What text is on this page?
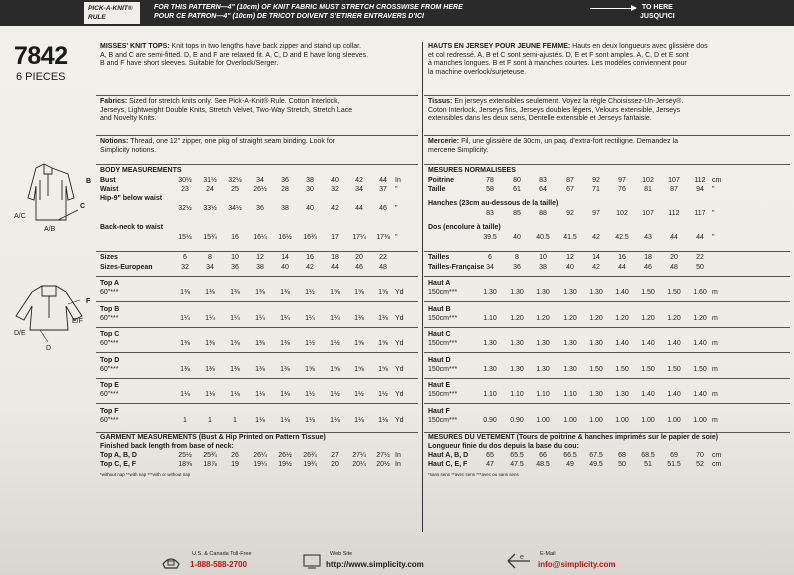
PICK-A-KNIT® RULE
FOR THIS PATTERN—4" (10cm) OF KNIT FABRIC MUST STRETCH CROSSWISE FROM HERE
POUR CE PATRON—4" (10cm) DE TRICOT DOIVENT S'ETIRER ENTRAVERS D'ICI
TO HERE
JUSQU'ICI
7842
6 PIECES
B
C
A/C
A/B
F
E/F
D/E
D
MISSES' KNIT TOPS: Knit tops in two lengths have back zipper and stand up collar.
A, B and C are semi-fitted. D, E and F are relaxed fit. A, C, D and E have long sleeves.
B and F have short sleeves. Suitable for Overlock/Serger.
Fabrics: Sized for stretch knits only. See Pick-A-Knit® Rule. Cotton Interlock,
Jerseys, Lightweight Double Knits, Stretch Velvet, Two-Way Stretch, Stretch Lace
and Novelty Knits.
Notions: Thread, one 12" zipper, one pkg of straight seam binding. Look for
Simplicity notions.
BODY MEASUREMENTS
HAUTS EN JERSEY POUR JEUNE FEMME: Hauts en deux longueurs avec glissière dos
et col redressé. A, B et C sont semi-ajustés. D, E et F sont amples. A, C, D et E sont
à manches longues. B et F sont à manches courtes. Les modèles conviennent pour
la machine overlock/surjeteuse.
Tissus: En jerseys extensibles seulement. Voyez la règle Choisissez-Un-Jersey®.
Coton Interlock, Jerseys fins, Jerseys doubles légers, Velours extensible, Jerseys
extensibles dans les deux sens, Dentelle extensible et Jerseys fantaisie.
Mercerie: Fil, une glissière de 30cm, un paq. d'extra-fort rectiligne. Demandez la
mercerie Simplicity.
MESURES NORMALISEES
GARMENT MEASUREMENTS (Bust & Hip Printed on Pattern Tissue)
Finished back length from base of neck:
*without nap **with nap ***with or without nap
MESURES DU VETEMENT (Tours de poitrine & hanches imprimés sur le papier de soie)
Longueur finie du dos depuis la base du cou:
*sans sens **avec sens ***avec ou sans sens
Bust	30½	31½	32½	34	36	38	40	42	44	In
Waist	23	24	25	26½	28	30	32	34	37	"
Hip-9" below waist
32½	33½	34½	36	38	40	42	44	46	"
Back-neck to waist
15½	15¾	16	16¼	16½	16¾	17	17¼	17⅜ "
Sizes	6	8	10	12	14	16	18	20	22
Sizes-European	32	34	36	38	40	42	44	46	48
Top A
60"***	1⅜	1⅜	1⅜	1⅜	1⅜	1½	1⅝	1⅝	1⅝	Yd
Top B
60"***	1¼	1¼	1¼	1¼	1¼	1¼	1¼	1⅜	1⅜	Yd
Top C
60"***	1⅜	1⅜	1⅜	1⅜	1⅜	1½	1½	1⅝	1⅝	Yd
Top D
60"***	1⅜	1⅜	1⅜	1⅜	1⅜	1⅝	1⅝	1⅝	1⅝	Yd
Top E
60"***	1⅛	1⅛	1⅛	1⅛	1⅛	1½	1½	1½	1½	Yd
Top F
60"***	1	1	1	1⅛	1⅛	1⅛	1⅛	1⅛	1⅛	Yd
Top A, B, D	25½	25¾	26	26¼	26½	26¾	27	27¼	27½ In
Top C, E, F	18⅝	18⅞	19	19¼	19½	19¾	20	20¼	20½ In
Poitrine	78	80	83	87	92	97	102	107	112 cm
Taille	58	61	64	67	71	76	81	87	94	"
Hanches (23cm au-dessous de la taille)
83	85	88	92	97	102	107	112	117 "
Dos (encolure à taille)
39.5	40	40.5	41.5	42	42.5	43	44	44	"
Tailles	6	8	10	12	14	16	18	20	22
Tailles-Française 34	36	38	40	42	44	46	48	50
Haut A
150cm***	1.30	1.30	1.30	1.30	1.30	1.40	1.50	1.50	1.60 m
Haut B
150cm***	1.10	1.20	1.20	1.20	1.20	1.20	1.20	1.20	1.20 m
Haut C
150cm***	1.30	1.30	1.30	1.30	1.30	1.40	1.40	1.40	1.40 m
Haut D
150cm***	1.30	1.30	1.30	1.30	1.50	1.50	1.50	1.50	1.50 m
Haut E
150cm***	1.10	1.10	1.10	1.10	1.30	1.30	1.40	1.40	1.40 m
Haut F
150cm***	0.90	0.90	1.00	1.00	1.00	1.00	1.00	1.00	1.00 m
Haut A, B, D	65	65.5	66	66.5	67.5	68	68.5	69	70	cm
Haut C, E, F	47	47.5	48.5	49	49.5	50	51	51.5	52	cm
U.S. & Canada Toll-Free
1-888-588-2700
Web Site
http://www.simplicity.com
e	E-Mail
info@simplicity.com
